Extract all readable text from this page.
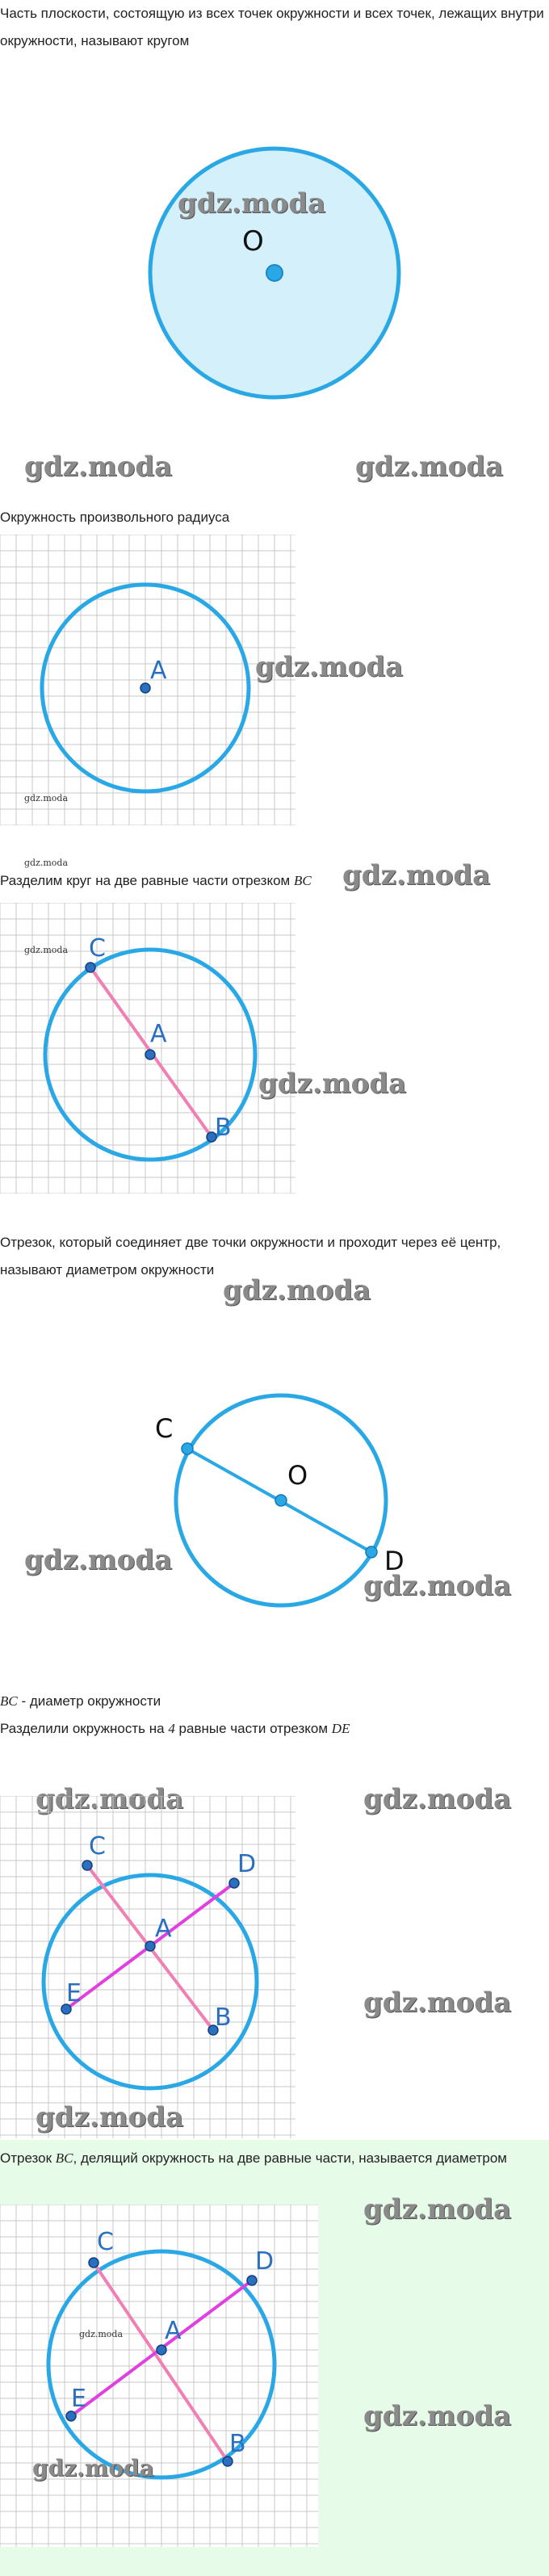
Часть плоскости, состоящую из всех точек окружности и всех точек, лежащих внутри окружности, называют кругом
O
gdz.moda
gdz.moda	gdz.moda
Окружность произвольного радиуса
A	gdz.moda
gdz.moda
gdz.moda
Разделим круг на две равные части отрезком BC	gdz.moda
C
A
B
gdz.moda
gdz.moda
Отрезок, который соединяет две точки окружности и проходит через её центр, называют диаметром окружности
gdz.moda
C
O
D
gdz.moda
gdz.moda
BC - диаметр окружности
Разделили окружность на 4 равные части отрезком DE
gdz.moda	gdz.moda
C
D
A
E
B	gdz.moda
gdz.moda
Отрезок BC, делящий окружность на две равные части, называется диаметром
gdz.moda
C
D
A
E
B
gdz.moda
gdz.moda
gdz.moda
